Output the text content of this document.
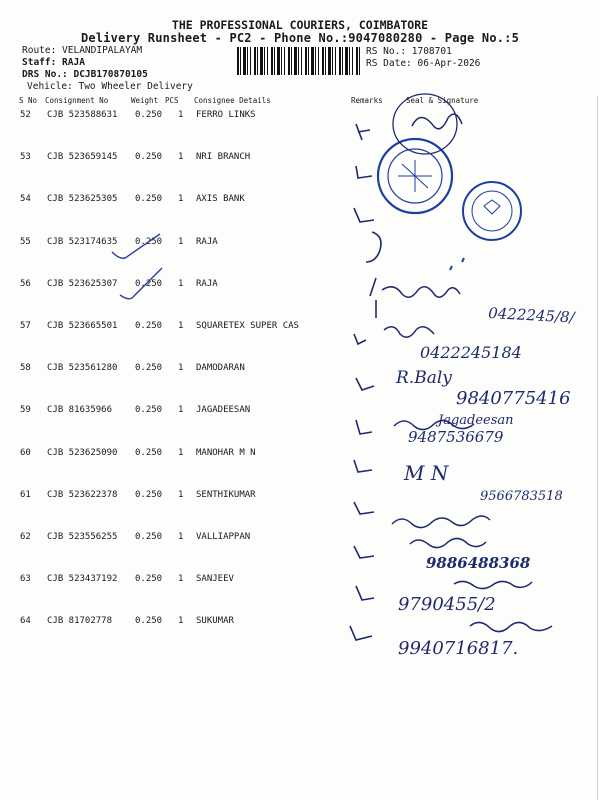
THE PROFESSIONAL COURIERS, COIMBATORE
Delivery Runsheet - PC2 - Phone No.:9047080280 - Page No.:5
Route: VELANDIPALAYAM
Staff: RAJA
DRS No.: DCJB170870105
Vehicle: Two Wheeler Delivery
RS No.: 1708701
RS Date: 06-Apr-2026
S No Consignment No	Weight PCS Consignee Details	Remarks	Seal & Signature
52 CJB 523588631 0.250 1 FERRO LINKS
53 CJB 523659145 0.250 1 NRI BRANCH
54 CJB 523625305 0.250 1 AXIS BANK
55 CJB 523174635 0.250 1 RAJA
56 CJB 523625307 0.250 1 RAJA
57 CJB 523665501 0.250 1 SQUARETEX SUPER CAS
58 CJB 523561280 0.250 1 DAMODARAN
59 CJB 81635966	0.250 1 JAGADEESAN
60 CJB 523625090 0.250 1 MANOHAR M N
61 CJB 523622378 0.250 1 SENTHIKUMAR
62 CJB 523556255 0.250 1 VALLIAPPAN
63 CJB 523437192 0.250 1 SANJEEV
64 CJB 81702778	0.250 1 SUKUMAR
0422245/8/
0422245184
R.Baly
9840775416
Jagadeesan
9487536679
M N
9566783518
9886488368
9790455/2
9940716817.
